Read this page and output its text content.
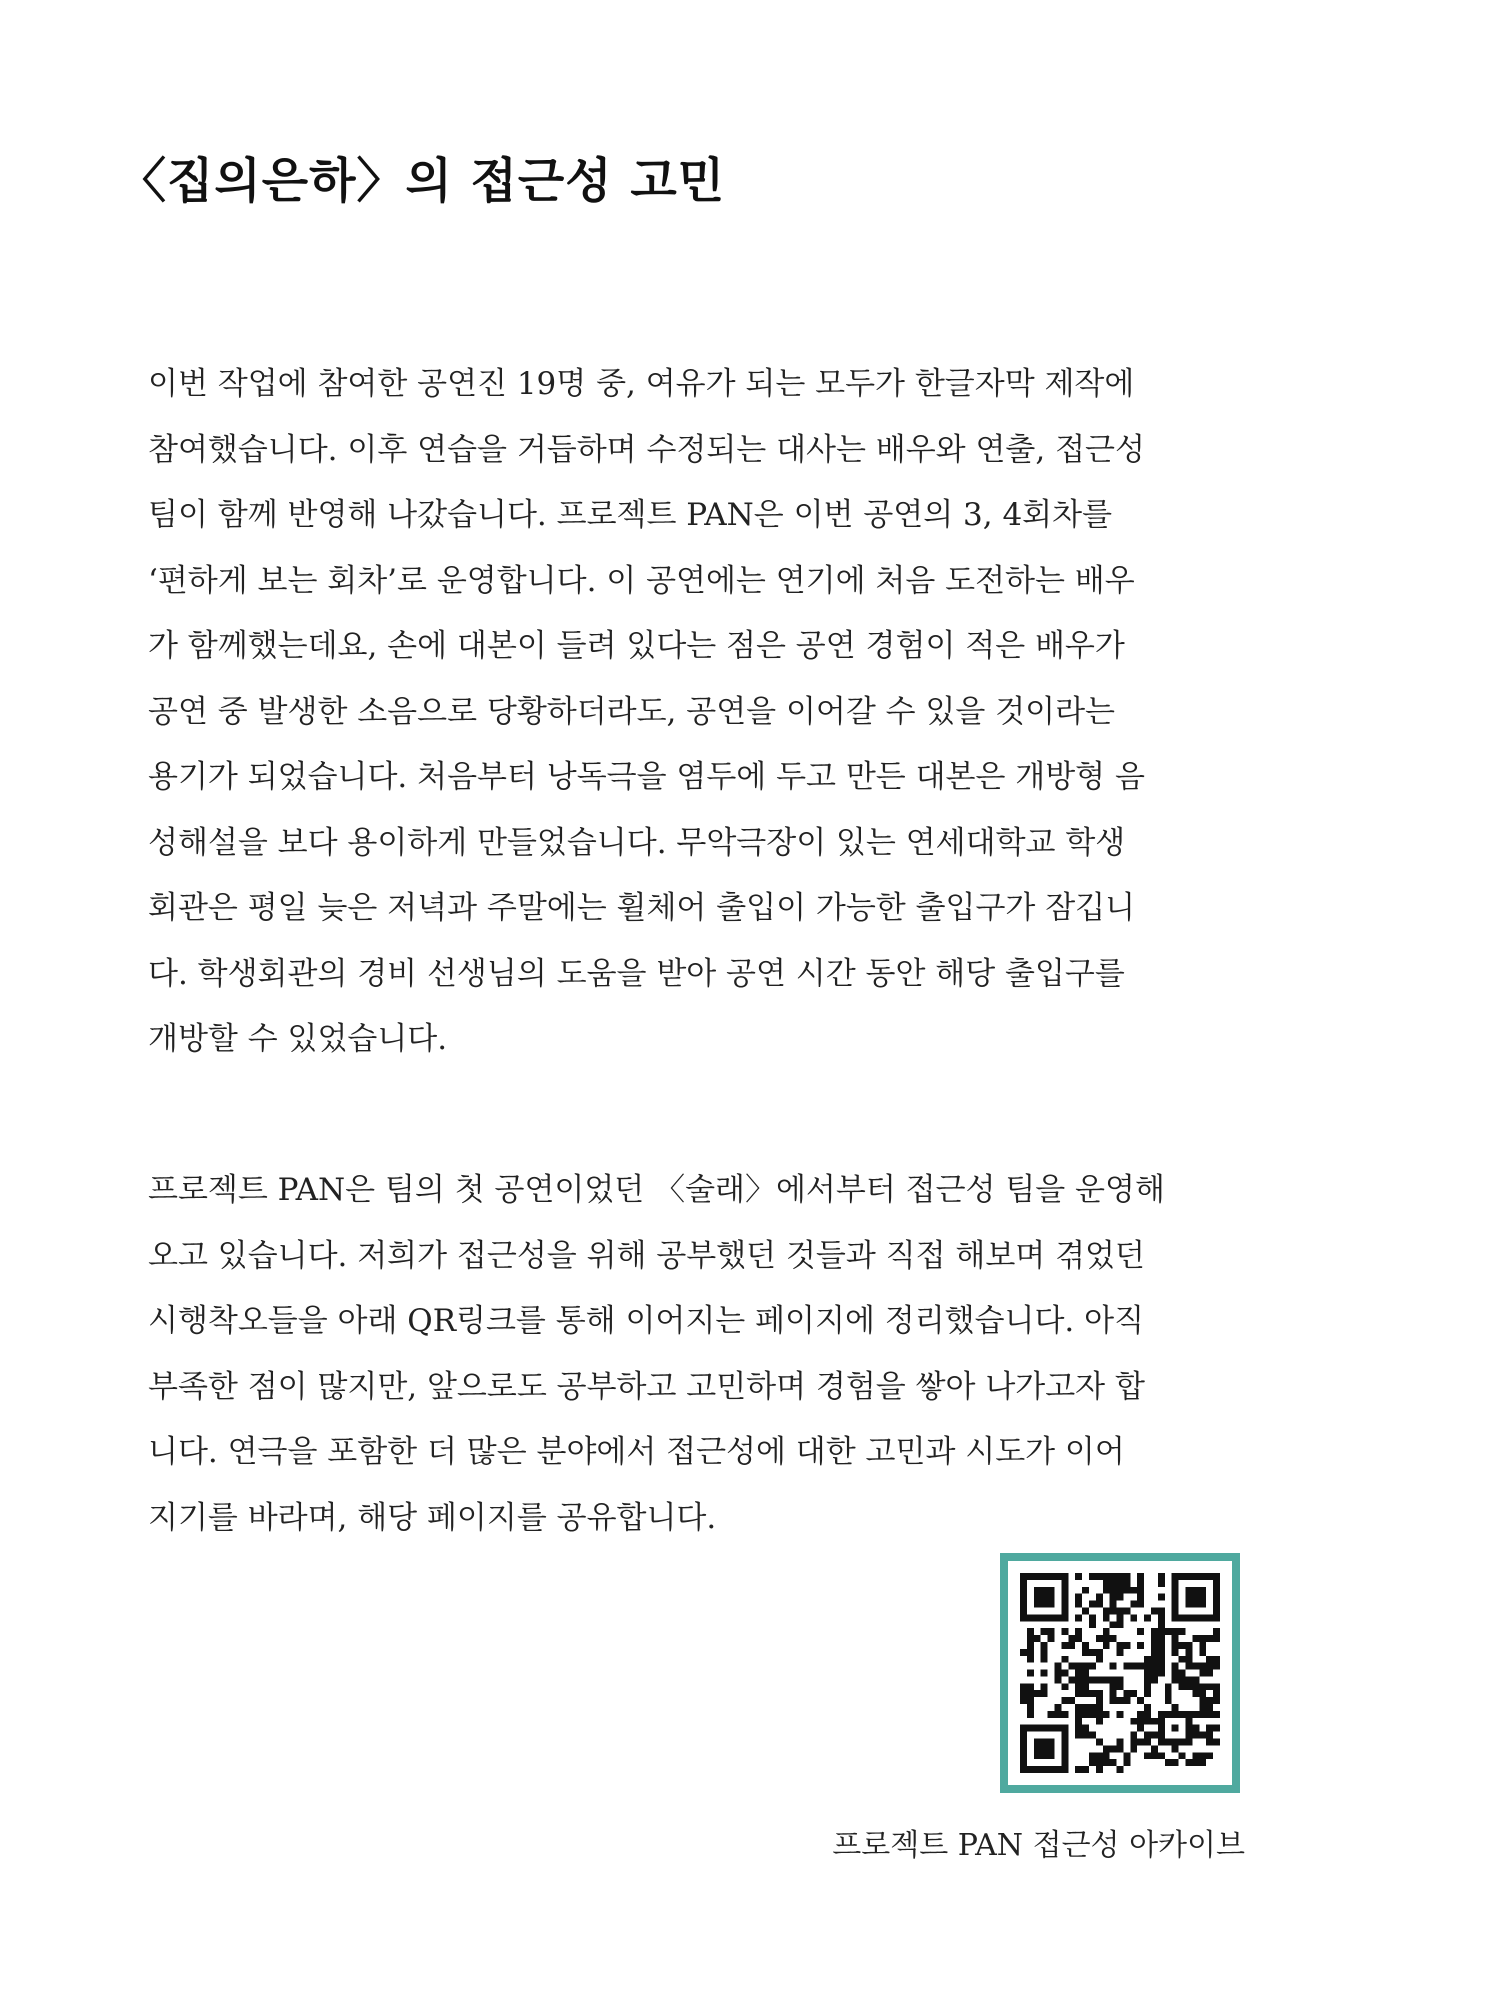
〈집의은하〉의 접근성 고민
이번 작업에 참여한 공연진 19명 중, 여유가 되는 모두가 한글자막 제작에
참여했습니다. 이후 연습을 거듭하며 수정되는 대사는 배우와 연출, 접근성
팀이 함께 반영해 나갔습니다. 프로젝트 PAN은 이번 공연의 3, 4회차를
‘편하게 보는 회차’로 운영합니다. 이 공연에는 연기에 처음 도전하는 배우
가 함께했는데요, 손에 대본이 들려 있다는 점은 공연 경험이 적은 배우가
공연 중 발생한 소음으로 당황하더라도, 공연을 이어갈 수 있을 것이라는
용기가 되었습니다. 처음부터 낭독극을 염두에 두고 만든 대본은 개방형 음
성해설을 보다 용이하게 만들었습니다. 무악극장이 있는 연세대학교 학생
회관은 평일 늦은 저녁과 주말에는 휠체어 출입이 가능한 출입구가 잠깁니
다. 학생회관의 경비 선생님의 도움을 받아 공연 시간 동안 해당 출입구를
개방할 수 있었습니다.
프로젝트 PAN은 팀의 첫 공연이었던 〈술래〉에서부터 접근성 팀을 운영해
오고 있습니다. 저희가 접근성을 위해 공부했던 것들과 직접 해보며 겪었던
시행착오들을 아래 QR링크를 통해 이어지는 페이지에 정리했습니다. 아직
부족한 점이 많지만, 앞으로도 공부하고 고민하며 경험을 쌓아 나가고자 합
니다. 연극을 포함한 더 많은 분야에서 접근성에 대한 고민과 시도가 이어
지기를 바라며, 해당 페이지를 공유합니다.
프로젝트 PAN 접근성 아카이브
